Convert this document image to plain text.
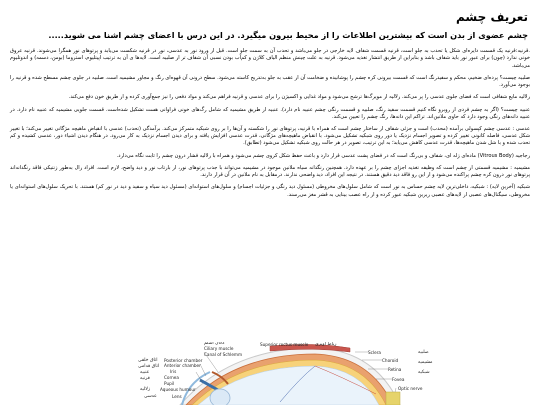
تعریف چشم
چشم عضوی از بدن است که بیشترین اطلاعات را از محیط بیرون میگیرد. در این درس با اعضای چشم اشنا می شوید.....

.قرنیه:قرنیه یک قسمت دایره‌ای شکل یا تحدب به جلو است، قرنیه قسمت شفاف لایه خارجی در جلو می‌باشد و تحدب آن به سمت جلو است. قبل از ورود نور به عدسی، نور در قرنیه شکست می‌یابد و پرتوهای نور همگرا می‌شوند. قرنیه عروق خونی ندارد (چون) برای عبور نور باید شفاف باشد و بنابراین از طریق انتشار تغذیه می‌شود. قرنیه به علت چینش منظم الیاف کلاژن و کم‌آب بودن نسبی آن شفاف تر از صلبیه است. لایه‌ها ی آن به ترتیب اپیتلیوم، استروما (بومن، دسمه) و اندوتلیوم می‌باشد.

صلبیه چیست؟ پرده‌ای ضخیم، محکم و سفیدرنگ است که قسمت بیرونی کره چشم را پوشانیده و ضخامت آن از عقب به جلو به‌تدریج کاسته می‌شود. سطح درونی آن قهوه‌ای رنگ و مجاور مشیمیه است. صلبیه در جلوی چشم مسطح شده و قرنیه را بوجود می‌آورد.

زلالیه مایع شفافی است که فضای جلوی عدسی را پر می‌کند. زلالیه از مویرگ‌ها ترشح می‌شود و مواد غذایی و اکسیژن را برای عدسی و قرنیه فراهم می‌کند و مواد دفعی را نیز جمع‌آوری کرده و از طریق خون دفع می‌کند.

عنبیه چیست؟ (اگر به چشم فردی از روبرو نگاه کنیم قسمت سفید رنگ، صلبیه و قسمت رنگی چشم عنبیه نام دارد). عنبیه از طریق مشیمیه که شامل رگ‌های خونی فراوانی هست تشکیل شده‌است. قسمت جلویی مشیمیه که عنبیه نام دارد. در عنبیه دانه‌های رنگی وجود دارد که حاوی ملانین‌اند. تراکم این دانه‌ها، رنگ چشم را تعیین می‌کند.

عدسی : عدسی چشم کپسولی برآمده (محدب) است و جزئی شفاف از ساختار چشم است که همراه با قرنیه، پرتوهای نور را شکسته و آن‌ها را بر روی شبکیه متمرکز می‌کند. برآمدگی (تحدب) عدسی با انقباض ماهیچه مژگانی تغییر می‌کند؛ با تغییر شکل عدسی، فاصله کانونی تغییر کرده و تصویر اجسام نزدیک یا دور روی شبکیه تشکیل می‌شود. با انقباض ماهیچه‌های مژگانی، قدرت عدسی افزایش یافته و برای دیدن اجسام نزدیک به کار می‌رود. در هنگام دیدن اشیاء دور، عدسی کشیده و کم تحدب شده و با شل شدن ماهیچه‌ها، قدرت عدسی کاهش می‌یابد؛ به این ترتیب، تصویر در هر حالت روی شبکیه تشکیل می‌شود (تطابق).

زجاجیه (Vitrous Body) ماده‌ای ژله ای، شفاف و بی‌رنگ است که در فضای پشت عدسی قرار دارد و باعث حفظ شکل کروی چشم می‌شود و همراه با زلالیه فشار درون چشم را ثابت نگاه می‌دارد.

مشیمیه : مشیمیه قسمتی از چشم است که وظیفه تغذیه اجزای چشم را بر عهده دارد. همچنین رنگدانه سیاه ملانین موجود در مشیمیه می‌تواند با جذب پرتوهای نور، از بازتاب نور و دید واضح، لازم است. افراد زال به‌طور ژنتیکی فاقد رنگدانه‌اند پرتوهای نور درون کره چشم پراکنده می‌شود و از این رو فاقد دید دقیق هستند. در نتیجه این افراد، دید واضحی ندارند. درمقابل به نام ملانین در آن قرار دارند.

شبکیه (آخرین لایه) : شبکیه، داخلی‌ترین لایه چشم حساس به نور است که شامل سلول‌های مخروطی (مسئول دید رنگی و جزئیات اجسام) و سلول‌های استوانه‌ای (مسئول دید سیاه و سفید و دید در نور کم) هستند. با تحریک سلول‌های استوانه‌ای یا مخروطی، سیگنال‌های عصبی از لایه‌های عصبی زیرین شبکیه عبور کرده و از راه عصب بینایی به قشر مغز می‌رسند.

Superior rectus muscle
Sclera
Choroid
Retina
Fovea
Optic nerve
رباط آویزی
صلبیه
مشیمیه
شبکیه
Ciliary muscle
Canal of Schlemm
Posterior chamber
Anterior chamber
Iris
Cornea
Pupil
Aqueous humour
Lens
کانال اشلم
اتاق خلفی
اتاق قدامی
عنبیه
قرنیه
زلالیه
عدسی
